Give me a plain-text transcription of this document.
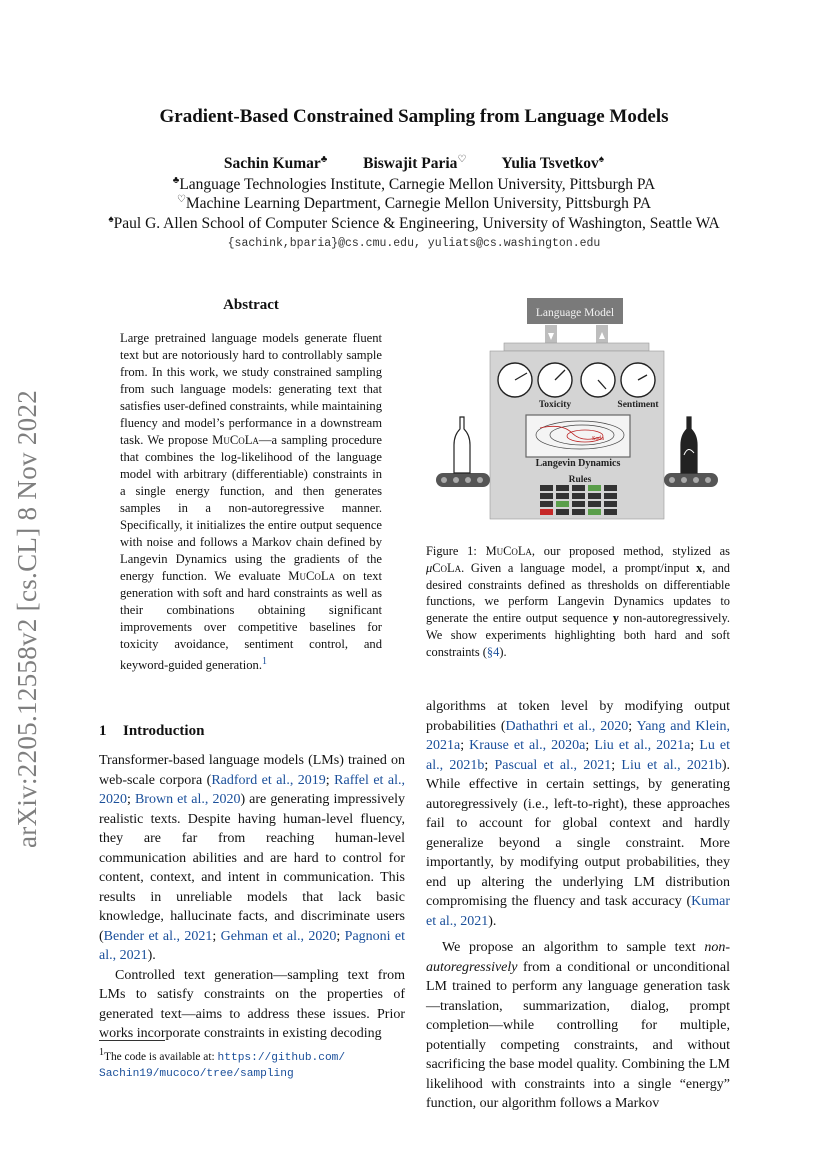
arXiv:2205.12558v2 [cs.CL] 8 Nov 2022
Gradient-Based Constrained Sampling from Language Models
Sachin Kumar♣ Biswajit Paria♡ Yulia Tsvetkov♠
♣Language Technologies Institute, Carnegie Mellon University, Pittsburgh PA
♡Machine Learning Department, Carnegie Mellon University, Pittsburgh PA
♠Paul G. Allen School of Computer Science & Engineering, University of Washington, Seattle WA
{sachink,bparia}@cs.cmu.edu, yuliats@cs.washington.edu
Abstract
Large pretrained language models generate fluent text but are notoriously hard to controllably sample from. In this work, we study constrained sampling from such language models: generating text that satisfies user-defined constraints, while maintaining fluency and model’s performance in a downstream task. We propose MuCoLa—a sampling procedure that combines the log-likelihood of the language model with arbitrary (differentiable) constraints in a single energy function, and then generates samples in a non-autoregressive manner. Specifically, it initializes the entire output sequence with noise and follows a Markov chain defined by Langevin Dynamics using the gradients of the energy function. We evaluate MuCoLa on text generation with soft and hard constraints as well as their combinations obtaining significant improvements over competitive baselines for toxicity avoidance, sentiment control, and keyword-guided generation.$^1$
1 Introduction

Transformer-based language models (LMs) trained on web-scale corpora (Radford et al., 2019; Raffel et al., 2020; Brown et al., 2020) are generating impressively realistic texts. Despite having human-level fluency, they are far from reaching human-level communication abilities and are hard to control for content, context, and intent in communication. This results in unreliable models that lack basic knowledge, hallucinate facts, and discriminate users (Bender et al., 2021; Gehman et al., 2020; Pagnoni et al., 2021).

Controlled text generation—sampling text from LMs to satisfy constraints on the properties of generated text—aims to address these issues. Prior works incorporate constraints in existing decoding

algorithms at token level by modifying output probabilities (Dathathri et al., 2020; Yang and Klein, 2021a; Krause et al., 2020a; Liu et al., 2021a; Lu et al., 2021b; Pascual et al., 2021; Liu et al., 2021b). While effective in certain settings, by generating autoregressively (i.e., left-to-right), these approaches fail to account for global context and hardly generalize beyond a single constraint. More importantly, by modifying output probabilities, they end up altering the underlying LM distribution compromising the fluency and task accuracy (Kumar et al., 2021).

We propose an algorithm to sample text non-autoregressively from a conditional or unconditional LM trained to perform any language generation task—translation, summarization, dialog, prompt completion—while controlling for multiple, potentially competing constraints, and without sacrificing the base model quality. Combining the LM likelihood with constraints into a single “energy” function, our algorithm follows a Markov

Language Model
Toxicity	Sentiment
Soda
Langevin Dynamics
Rules
Figure 1: MuCoLa, our proposed method, stylized as μCoLa. Given a language model, a prompt/input x, and desired constraints defined as thresholds on differentiable functions, we perform Langevin Dynamics updates to generate the entire output sequence y non-autoregressively. We show experiments highlighting both hard and soft constraints (§4).
1The code is available at: https://github.com/
Sachin19/mucoco/tree/sampling
